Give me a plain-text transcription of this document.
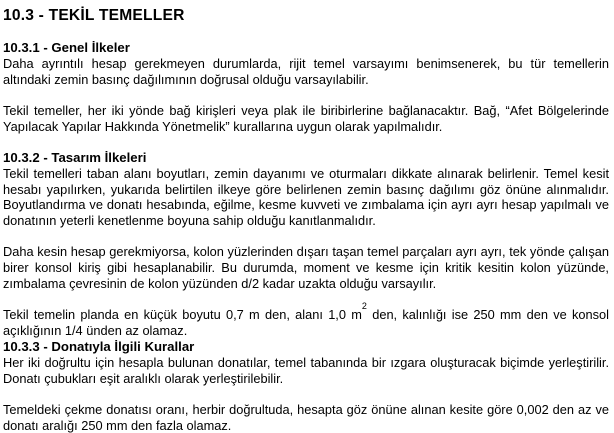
10.3 - TEKİL TEMELLER
10.3.1 - Genel İlkeler

Daha ayrıntılı hesap gerekmeyen durumlarda, rijit temel varsayımı benimsenerek, bu tür temellerin altındaki zemin basınç dağılımının doğrusal olduğu varsayılabilir.

Tekil temeller, her iki yönde bağ kirişleri veya plak ile biribirlerine bağlanacaktır. Bağ, “Afet Bölgelerinde Yapılacak Yapılar Hakkında Yönetmelik” kurallarına uygun olarak yapılmalıdır.

10.3.2 - Tasarım İlkeleri

Tekil temelleri taban alanı boyutları, zemin dayanımı ve oturmaları dikkate alınarak belirlenir. Temel kesit hesabı yapılırken, yukarıda belirtilen ilkeye göre belirlenen zemin basınç dağılımı göz önüne alınmalıdır. Boyutlandırma ve donatı hesabında, eğilme, kesme kuvveti ve zımbalama için ayrı ayrı hesap yapılmalı ve donatının yeterli kenetlenme boyuna sahip olduğu kanıtlanmalıdır.

Daha kesin hesap gerekmiyorsa, kolon yüzlerinden dışarı taşan temel parçaları ayrı ayrı, tek yönde çalışan birer konsol kiriş gibi hesaplanabilir. Bu durumda, moment ve kesme için kritik kesitin kolon yüzünde, zımbalama çevresinin de kolon yüzünden d/2 kadar uzakta olduğu varsayılır.

Tekil temelin planda en küçük boyutu 0,7 m den, alanı 1,0 $m^2$ den, kalınlığı ise 250 mm den ve konsol açıklığının 1/4 ünden az olamaz.

10.3.3 - Donatıyla İlgili Kurallar

Her iki doğrultu için hesapla bulunan donatılar, temel tabanında bir ızgara oluşturacak biçimde yerleştirilir. Donatı çubukları eşit aralıklı olarak yerleştirilebilir.

Temeldeki çekme donatısı oranı, herbir doğrultuda, hesapta göz önüne alınan kesite göre 0,002 den az ve donatı aralığı 250 mm den fazla olamaz.
